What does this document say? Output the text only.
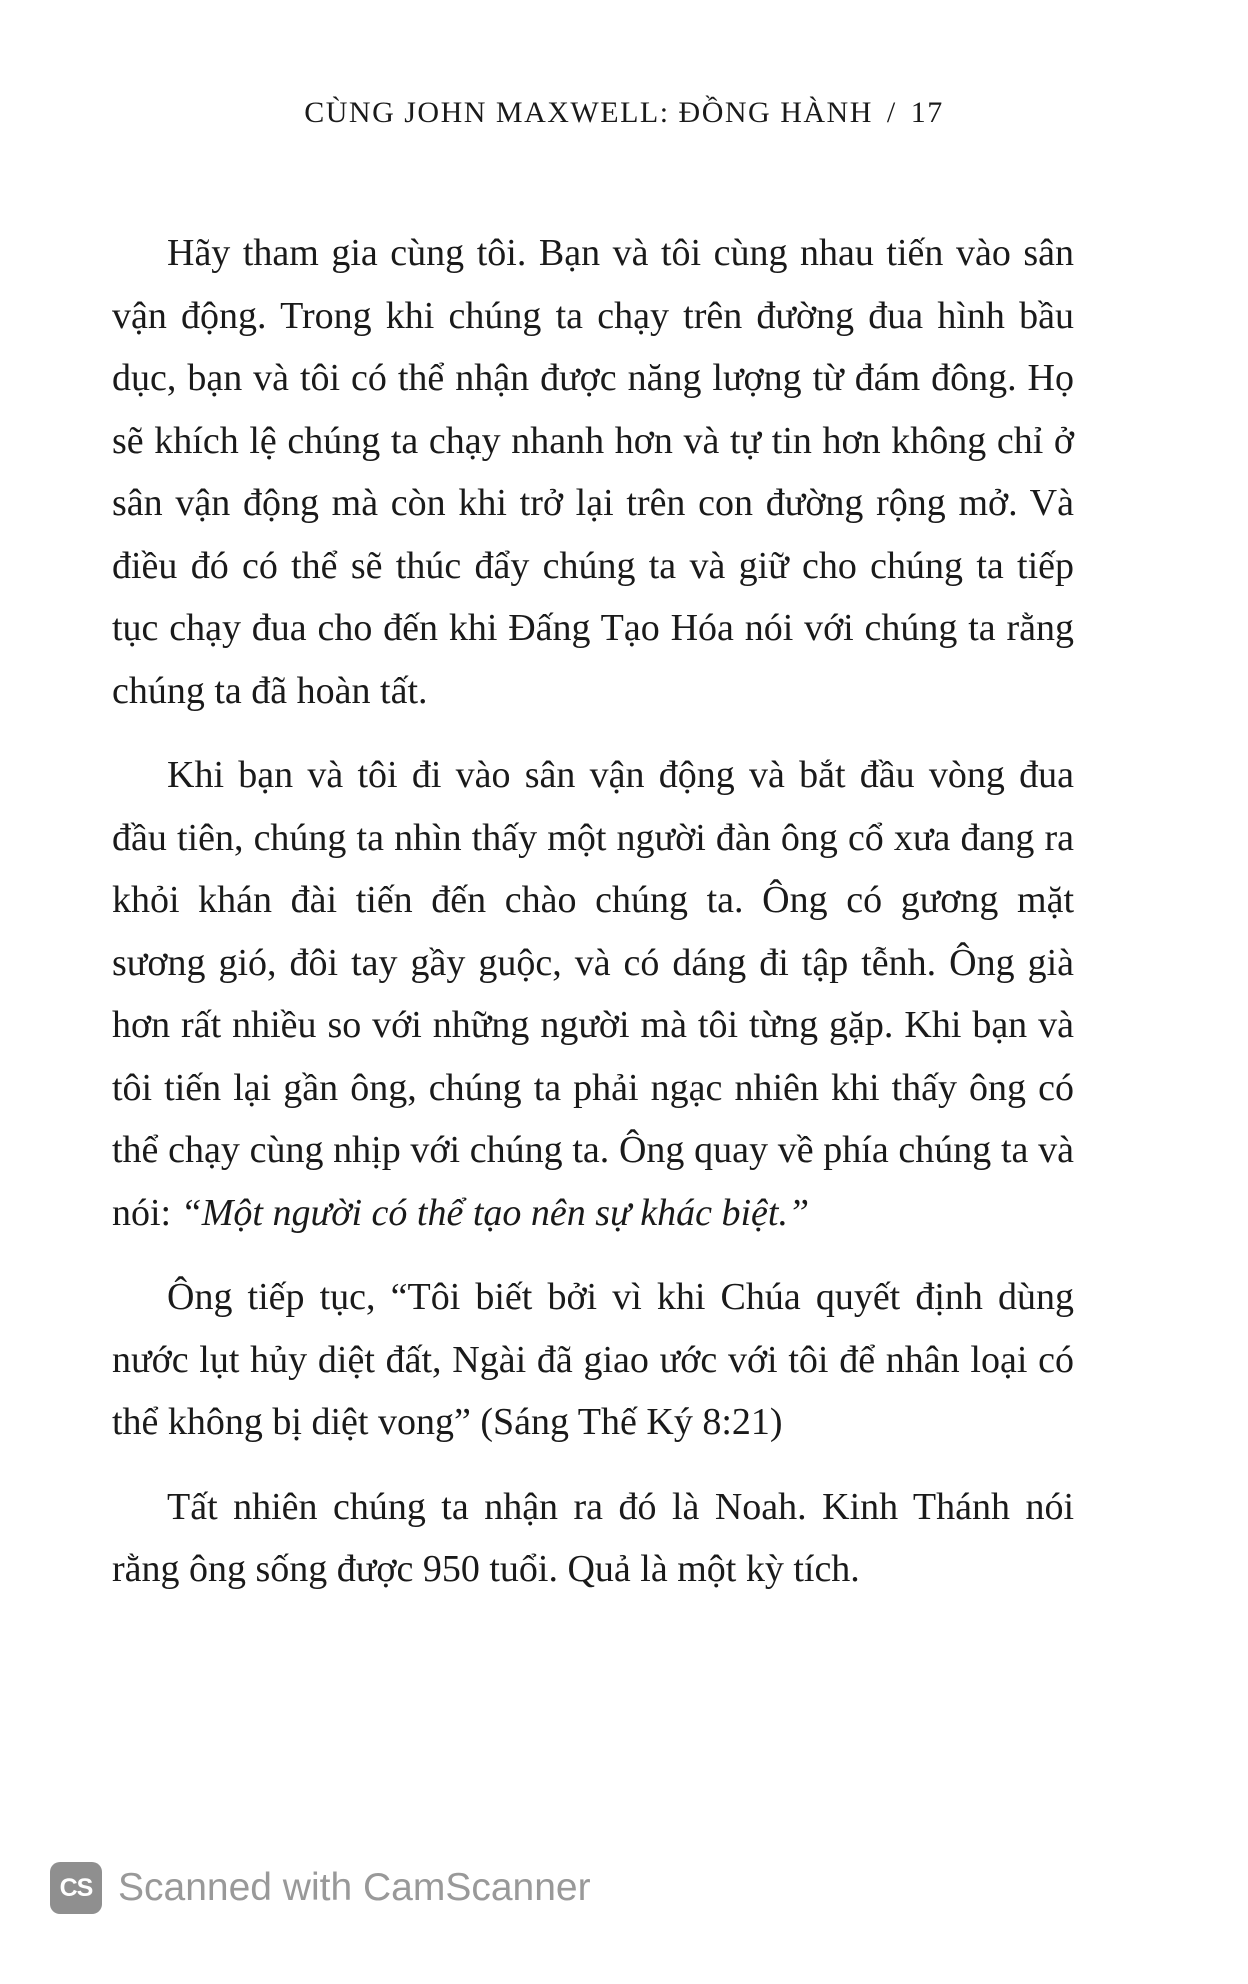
CÙNG JOHN MAXWELL: ĐỒNG HÀNH / 17

Hãy tham gia cùng tôi. Bạn và tôi cùng nhau tiến vào sân vận động. Trong khi chúng ta chạy trên đường đua hình bầu dục, bạn và tôi có thể nhận được năng lượng từ đám đông. Họ sẽ khích lệ chúng ta chạy nhanh hơn và tự tin hơn không chỉ ở sân vận động mà còn khi trở lại trên con đường rộng mở. Và điều đó có thể sẽ thúc đẩy chúng ta và giữ cho chúng ta tiếp tục chạy đua cho đến khi Đấng Tạo Hóa nói với chúng ta rằng chúng ta đã hoàn tất.

Khi bạn và tôi đi vào sân vận động và bắt đầu vòng đua đầu tiên, chúng ta nhìn thấy một người đàn ông cổ xưa đang ra khỏi khán đài tiến đến chào chúng ta. Ông có gương mặt sương gió, đôi tay gầy guộc, và có dáng đi tập tễnh. Ông già hơn rất nhiều so với những người mà tôi từng gặp. Khi bạn và tôi tiến lại gần ông, chúng ta phải ngạc nhiên khi thấy ông có thể chạy cùng nhịp với chúng ta. Ông quay về phía chúng ta và nói: “Một người có thể tạo nên sự khác biệt.”

Ông tiếp tục, “Tôi biết bởi vì khi Chúa quyết định dùng nước lụt hủy diệt đất, Ngài đã giao ước với tôi để nhân loại có thể không bị diệt vong” (Sáng Thế Ký 8:21)

Tất nhiên chúng ta nhận ra đó là Noah. Kinh Thánh nói rằng ông sống được 950 tuổi. Quả là một kỳ tích.

CS Scanned with CamScanner
